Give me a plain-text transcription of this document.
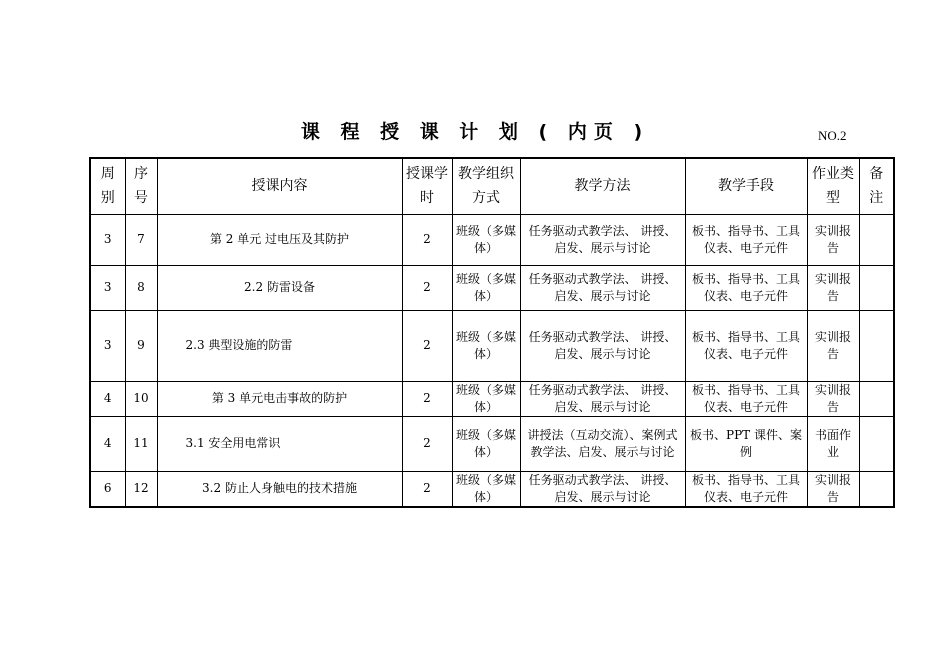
课 程 授 课 计 划 ( 内页 )	NO.2
周别	序号	授课内容	授课学时	教学组织方式	教学方法	教学手段	作业类型	备注
3	7	第 2 单元 过电压及其防护	2	班级（多媒体）	任务驱动式教学法、 讲授、启发、展示与讨论	板书、指导书、工具仪表、电子元件	实训报告	
3	8	2.2 防雷设备	2	班级（多媒体）	任务驱动式教学法、 讲授、启发、展示与讨论	板书、指导书、工具仪表、电子元件	实训报告	
3	9	2.3 典型设施的防雷	2	班级（多媒体）	任务驱动式教学法、 讲授、启发、展示与讨论	板书、指导书、工具仪表、电子元件	实训报告	
4	10	第 3 单元电击事故的防护	2	班级（多媒体）	任务驱动式教学法、 讲授、启发、展示与讨论	板书、指导书、工具仪表、电子元件	实训报告	
4	11	3.1 安全用电常识	2	班级（多媒体）	讲授法（互动交流）、案例式教学法、启发、展示与讨论	板书、PPT 课件、案例	书面作业	
6	12	3.2 防止人身触电的技术措施	2	班级（多媒体）	任务驱动式教学法、 讲授、启发、展示与讨论	板书、指导书、工具仪表、电子元件	实训报告	
